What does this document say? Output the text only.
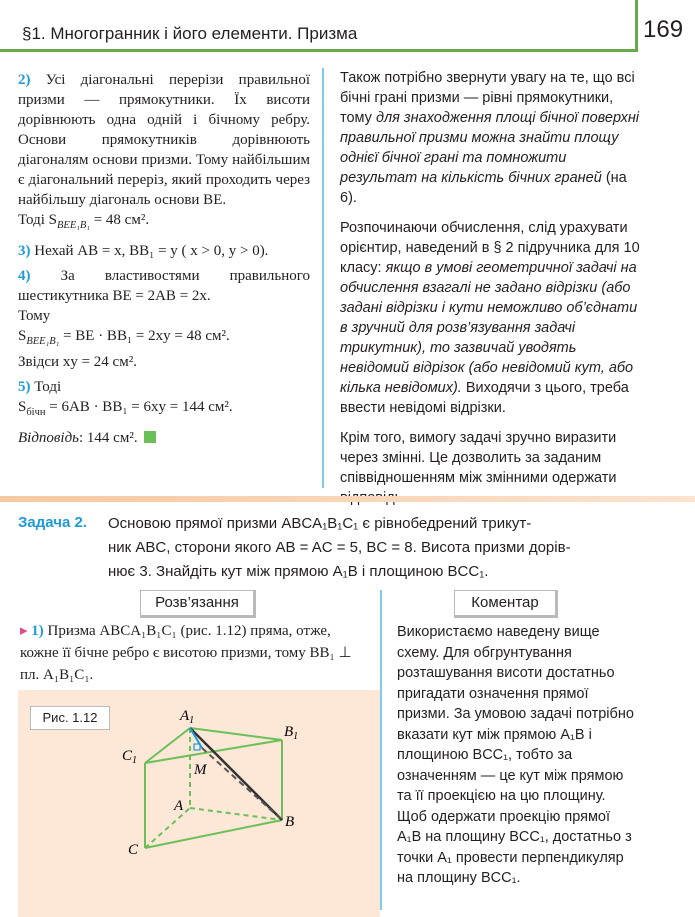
§1. Многогранник і його елементи. Призма	169

2) Усі діагональні перерізи правильної призми — прямокутники. Їх висоти дорівнюють одна одній і бічному ребру. Основи прямокутників дорівнюють діагоналям основи призми. Тому найбільшим є діагональний переріз, який проходить через найбільшу діагональ основи BE.
Тоді $S_{BEE_1B_1} = 48$ см².

3) Нехай AB = x, BB₁ = y ( x > 0, y > 0).

4) За властивостями правильного шестикутника BE = 2AB = 2x.
Тому
$S_{BEE_1B_1}$ = BE · BB₁ = 2xy = 48 см².
Звідси xy = 24 см².

5) Тоді
$S_{бічн} = 6AB \cdot BB_1 = 6xy = 144$ см².

Відповідь: 144 см².

Також потрібно звернути увагу на те, що всі бічні грані призми — рівні прямокутники, тому для знаходження площі бічної поверхні правильної призми можна знайти площу однієї бічної грані та помножити результат на кількість бічних граней (на 6).

Розпочинаючи обчислення, слід урахувати орієнтир, наведений в § 2 підручника для 10 класу: якщо в умові геометричної задачі на обчислення взагалі не задано відрізки (або задані відрізки і кути неможливо об’єднати в зручний для розв’язування задачі трикутник), то зазвичай уводять невідомий відрізок (або невідомий кут, або кілька невідомих). Виходячи з цього, треба ввести невідомі відрізки.

Крім того, вимогу задачі зручно виразити через змінні. Це дозволить за заданим співвідношенням між змінними одержати

Задача 2. Основою прямої призми ABCA₁B₁C₁ є рівнобедрений трикут-
ник ABC, сторони якого AB = AC = 5, BC = 8. Висота призми дорів-
нює 3. Знайдіть кут між прямою A₁B і площиною BCC₁.
Розв’язання	Коментар
▸ 1) Призма ABCA₁B₁C₁ (рис. 1.12) пряма, отже, кожне її бічне ребро є висотою призми, тому BB₁ ⊥ пл. A₁B₁C₁.
Використаємо наведену вище схему. Для обгрунтування розташування висоти достатньо пригадати означення прямої призми. За умовою задачі потрібно вказати кут між прямою A₁B і площиною BCC₁, тобто за означенням — це кут між прямою та її проекцією на цю площину. Щоб одержати проекцію прямої A₁B на площину BCC₁, достатньо з точки A₁ провести перпендикуляр на площину BCC₁.
Рис. 1.12	$A_1$
$B_1$
$C_1$
M
A
B
C
